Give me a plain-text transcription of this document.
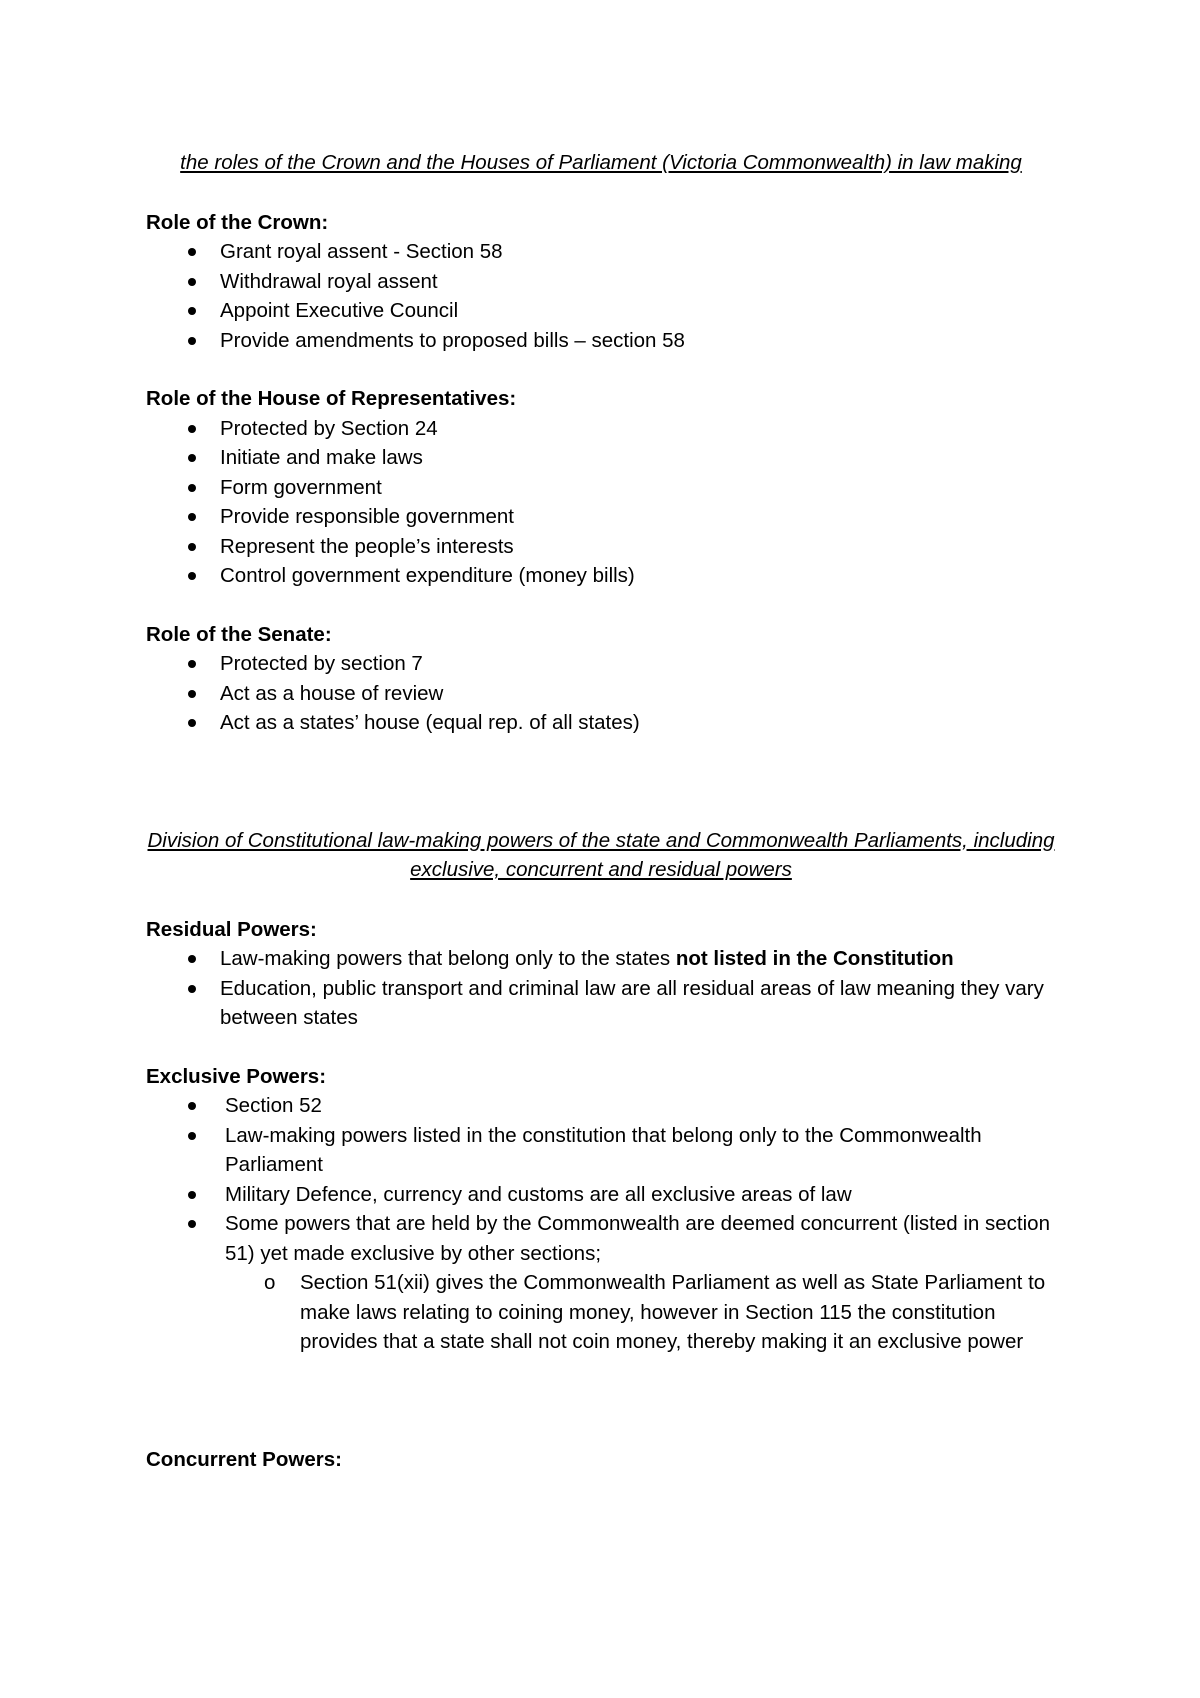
the roles of the Crown and the Houses of Parliament (Victoria Commonwealth) in law making

Role of the Crown:

Grant royal assent - Section 58
Withdrawal royal assent
Appoint Executive Council
Provide amendments to proposed bills – section 58

Role of the House of Representatives:

Protected by Section 24
Initiate and make laws
Form government
Provide responsible government
Represent the people’s interests
Control government expenditure (money bills)

Role of the Senate:

Protected by section 7
Act as a house of review
Act as a states’ house (equal rep. of all states)

Division of Constitutional law-making powers of the state and Commonwealth Parliaments, including exclusive, concurrent and residual powers

Residual Powers:

Law-making powers that belong only to the states not listed in the Constitution
Education, public transport and criminal law are all residual areas of law meaning they vary between states

Exclusive Powers:

Section 52
Law-making powers listed in the constitution that belong only to the Commonwealth Parliament
Military Defence, currency and customs are all exclusive areas of law
Some powers that are held by the Commonwealth are deemed concurrent (listed in section 51) yet made exclusive by other sections;
o Section 51(xii) gives the Commonwealth Parliament as well as State Parliament to make laws relating to coining money, however in Section 115 the constitution provides that a state shall not coin money, thereby making it an exclusive power

Concurrent Powers:
